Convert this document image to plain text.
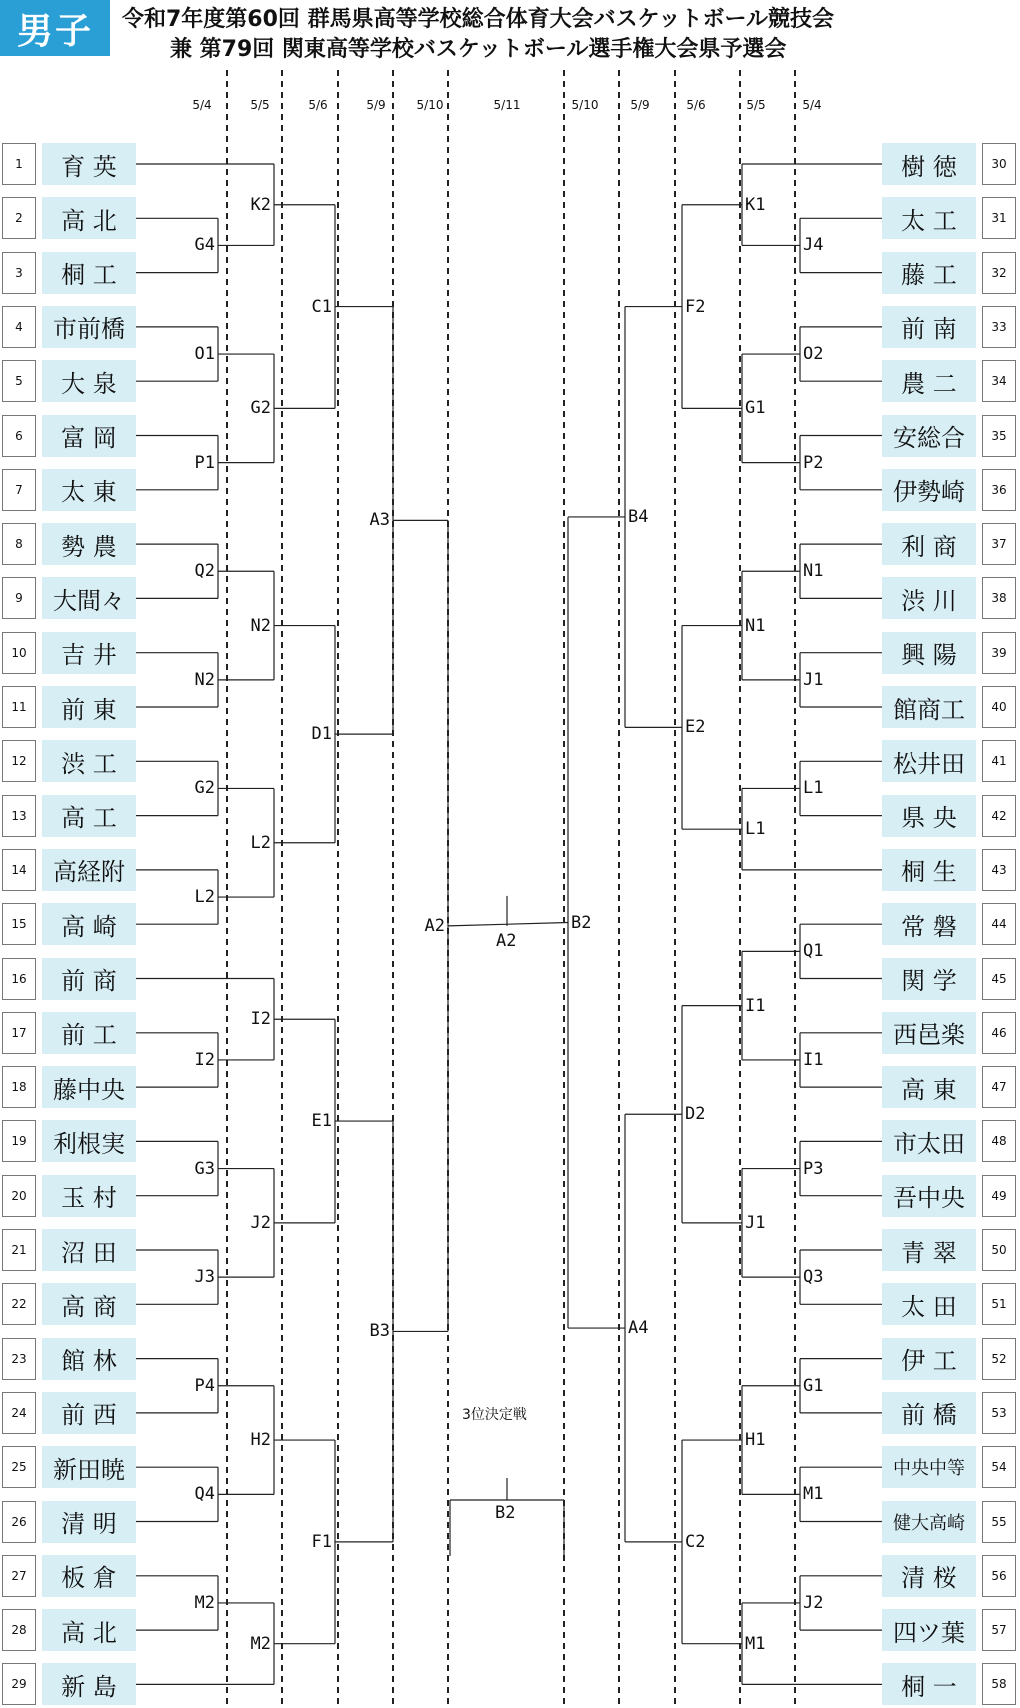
男子	令和7年度第60回 群馬県高等学校総合体育大会バスケットボール競技会
兼 第79回 関東高等学校バスケットボール選手権大会県予選会
5/4	5/5	5/6	5/9	5/10	5/11	5/10	5/9	5/6	5/5	5/4
1	育 英
2	高 北
3	桐 工
4	市前橋
5	大 泉
6	富 岡
7	太 東
8	勢 農
9	大間々
10	吉 井
11	前 東
12	渋 工
13	高 工
14	高経附
15	高 崎
16	前 商
17	前 工
18	藤中央
19	利根実
20	玉 村
21	沼 田
22	高 商
23	館 林
24	前 西
25	新田暁
26	清 明
27	板 倉
28	高 北
29	新 島
樹 徳	30
太 工	31
藤 工	32
前 南	33
農 二	34
安総合	35
伊勢崎	36
利 商	37
渋 川	38
興 陽	39
館商工	40
松井田	41
県 央	42
桐 生	43
常 磐	44
関 学	45
西邑楽	46
高 東	47
市太田	48
吾中央	49
青 翠	50
太 田	51
伊 工	52
前 橋	53
中央中等	54
健大高崎	55
清 桜	56
四ツ葉	57
桐 一	58
G4
O1
P1
Q2
N2
G2
L2
I2
G3
J3
P4
Q4
M2
K2
G2
N2
L2
I2
J2
H2
M2
C1
D1
E1
F1
A3
B3
A2
J4
O2
P2
N1
J1
L1
Q1
I1
P3
Q3
G1
M1
J2
K1
G1
N1
L1
I1
J1
H1
M1
F2
E2
D2
C2
B4
A4
B2
A2
3位決定戦
B2
